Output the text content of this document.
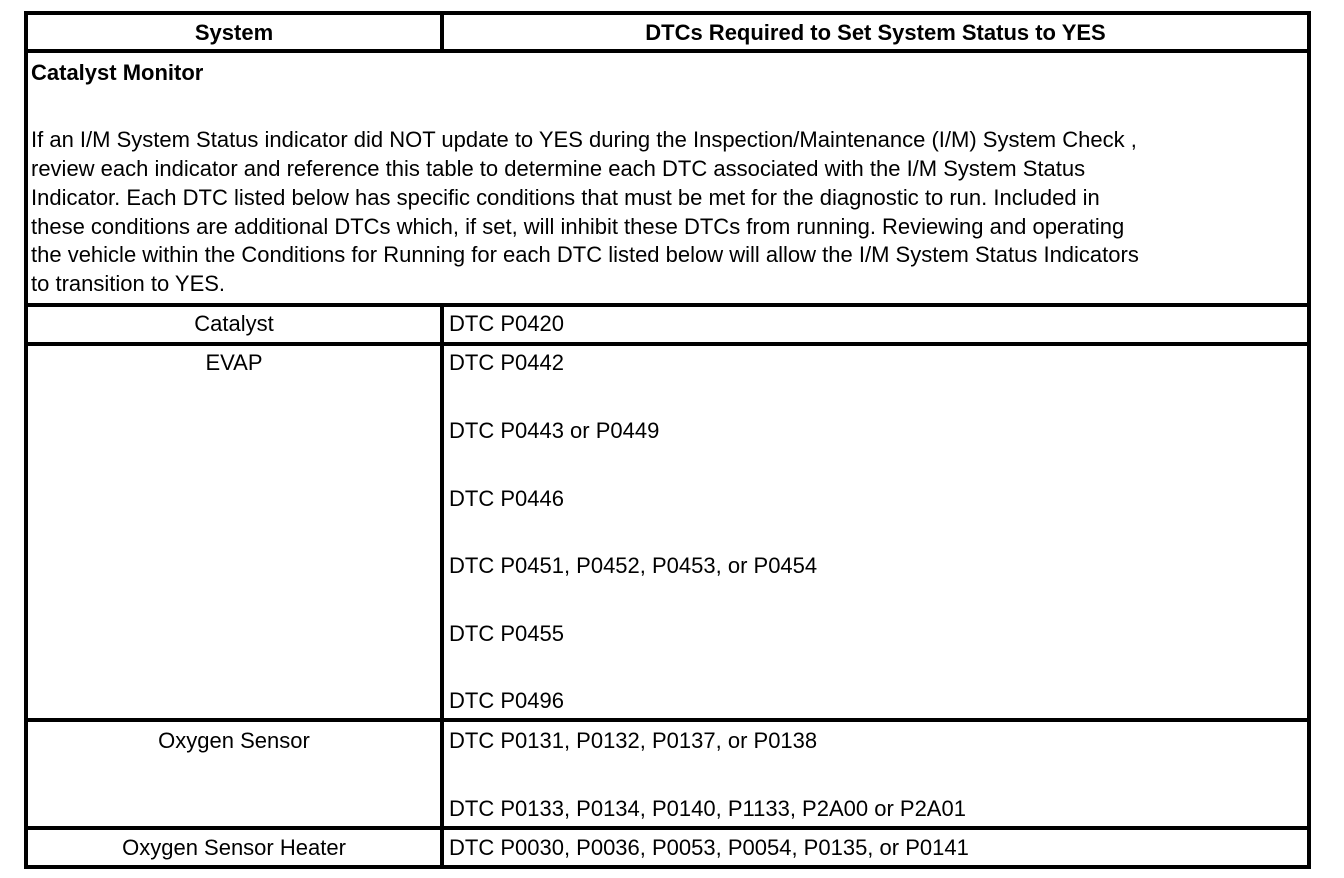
System	DTCs Required to Set System Status to YES
Catalyst Monitor
If an I/M System Status indicator did NOT update to YES during the Inspection/Maintenance (I/M) System Check ,
review each indicator and reference this table to determine each DTC associated with the I/M System Status
Indicator. Each DTC listed below has specific conditions that must be met for the diagnostic to run. Included in
these conditions are additional DTCs which, if set, will inhibit these DTCs from running. Reviewing and operating
the vehicle within the Conditions for Running for each DTC listed below will allow the I/M System Status Indicators
to transition to YES.
Catalyst	DTC P0420
EVAP	DTC P0442
DTC P0443 or P0449
DTC P0446
DTC P0451, P0452, P0453, or P0454
DTC P0455
DTC P0496
Oxygen Sensor	DTC P0131, P0132, P0137, or P0138
DTC P0133, P0134, P0140, P1133, P2A00 or P2A01
Oxygen Sensor Heater	DTC P0030, P0036, P0053, P0054, P0135, or P0141
